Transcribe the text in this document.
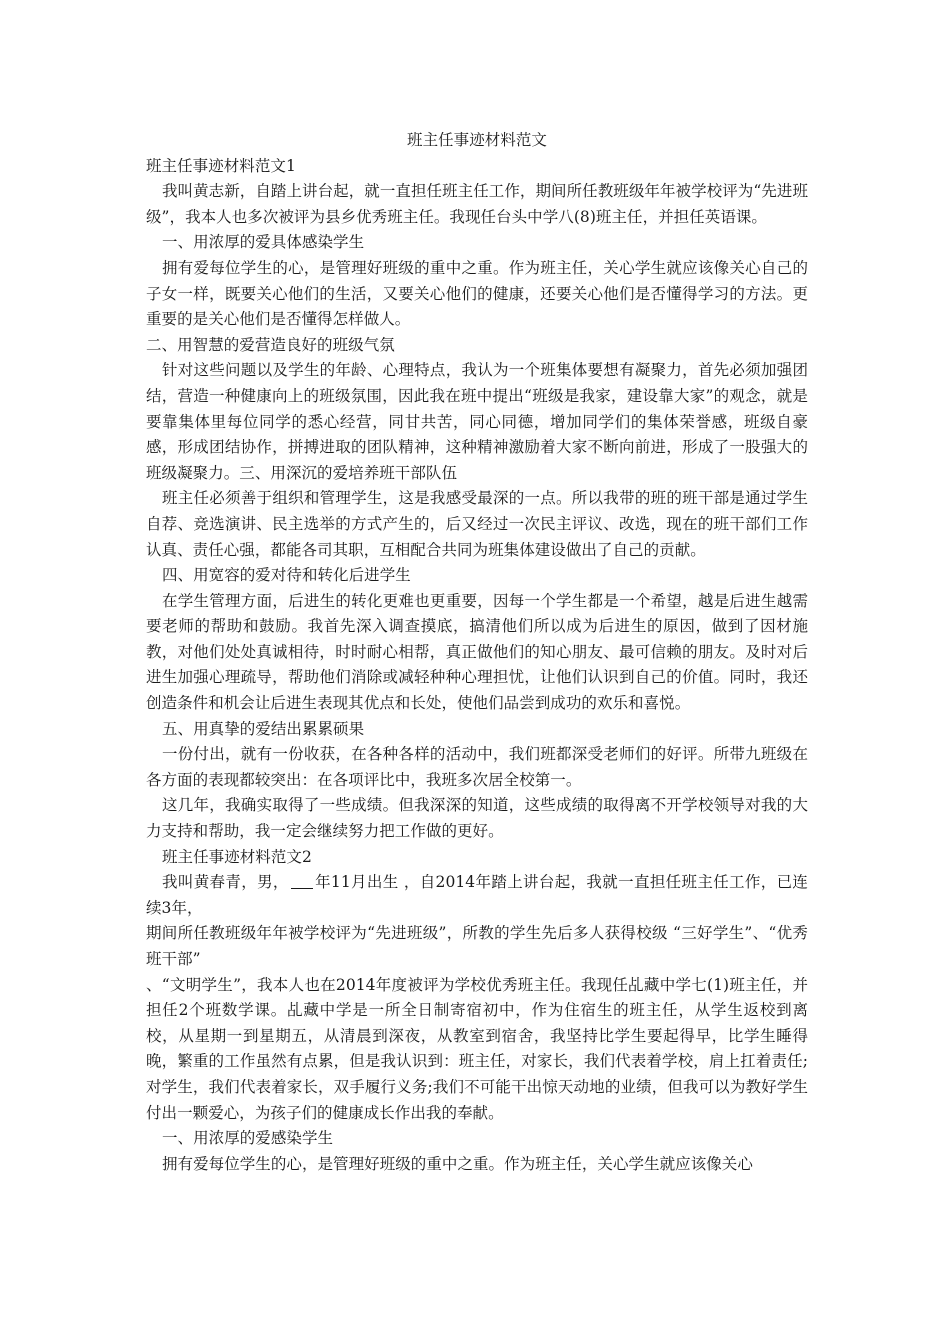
班主任事迹材料范文

班主任事迹材料范文1

我叫黄志新，自踏上讲台起，就一直担任班主任工作，期间所任教班级年年被学校评为“先进班级”，我本人也多次被评为县乡优秀班主任。我现任台头中学八(8)班主任，并担任英语课。

一、用浓厚的爱具体感染学生

拥有爱每位学生的心，是管理好班级的重中之重。作为班主任，关心学生就应该像关心自己的子女一样，既要关心他们的生活，又要关心他们的健康，还要关心他们是否懂得学习的方法。更重要的是关心他们是否懂得怎样做人。

二、用智慧的爱营造良好的班级气氛

针对这些问题以及学生的年龄、心理特点，我认为一个班集体要想有凝聚力，首先必须加强团结，营造一种健康向上的班级氛围，因此我在班中提出“班级是我家，建设靠大家”的观念，就是要靠集体里每位同学的悉心经营，同甘共苦，同心同德，增加同学们的集体荣誉感，班级自豪感，形成团结协作，拼搏进取的团队精神，这种精神激励着大家不断向前进，形成了一股强大的班级凝聚力。三、用深沉的爱培养班干部队伍

班主任必须善于组织和管理学生，这是我感受最深的一点。所以我带的班的班干部是通过学生自荐、竞选演讲、民主选举的方式产生的，后又经过一次民主评议、改选，现在的班干部们工作认真、责任心强，都能各司其职，互相配合共同为班集体建设做出了自己的贡献。

四、用宽容的爱对待和转化后进学生

在学生管理方面，后进生的转化更难也更重要，因每一个学生都是一个希望，越是后进生越需要老师的帮助和鼓励。我首先深入调查摸底，搞清他们所以成为后进生的原因，做到了因材施教，对他们处处真诚相待，时时耐心相帮，真正做他们的知心朋友、最可信赖的朋友。及时对后进生加强心理疏导，帮助他们消除或减轻种种心理担忧，让他们认识到自己的价值。同时，我还创造条件和机会让后进生表现其优点和长处，使他们品尝到成功的欢乐和喜悦。

五、用真挚的爱结出累累硕果

一份付出，就有一份收获，在各种各样的活动中，我们班都深受老师们的好评。所带九班级在各方面的表现都较突出：在各项评比中，我班多次居全校第一。

这几年，我确实取得了一些成绩。但我深深的知道，这些成绩的取得离不开学校领导对我的大力支持和帮助，我一定会继续努力把工作做的更好。

班主任事迹材料范文2

我叫黄春青，男， 年11月出生 ，自2014年踏上讲台起，我就一直担任班主任工作，已连续3年，

期间所任教班级年年被学校评为“先进班级”，所教的学生先后多人获得校级 “三好学生”、“优秀班干部”

、“文明学生”，我本人也在2014年度被评为学校优秀班主任。我现任乩藏中学七(1)班主任，并担任2个班数学课。乩藏中学是一所全日制寄宿初中，作为住宿生的班主任，从学生返校到离校，从星期一到星期五，从清晨到深夜，从教室到宿舍，我坚持比学生要起得早，比学生睡得晚，繁重的工作虽然有点累，但是我认识到：班主任，对家长，我们代表着学校，肩上扛着责任;对学生，我们代表着家长，双手履行义务;我们不可能干出惊天动地的业绩，但我可以为教好学生付出一颗爱心，为孩子们的健康成长作出我的奉献。

一、用浓厚的爱感染学生

拥有爱每位学生的心，是管理好班级的重中之重。作为班主任，关心学生就应该像关心
